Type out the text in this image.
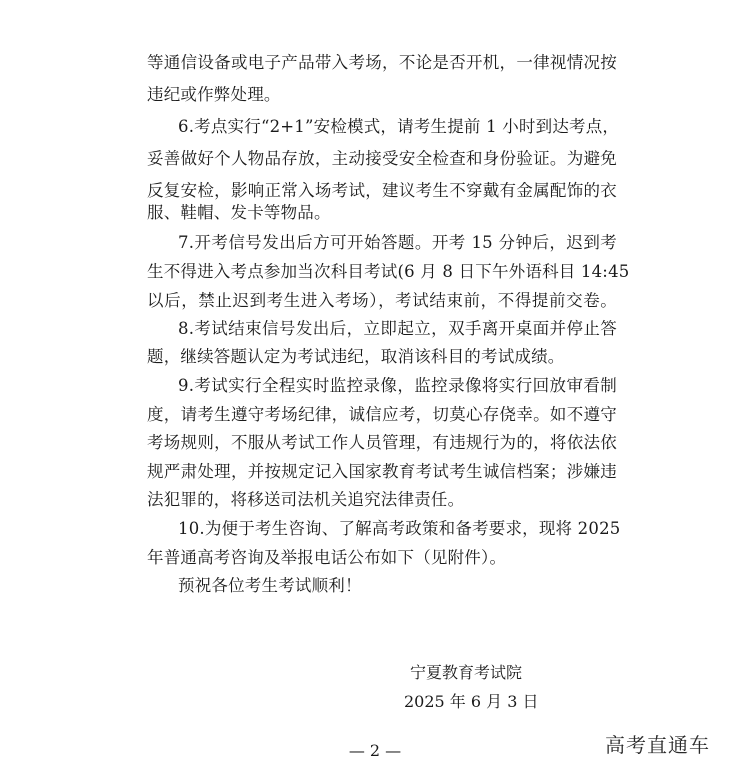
等通信设备或电子产品带入考场，不论是否开机，一律视情况按
违纪或作弊处理。
6.考点实行“2+1”安检模式，请考生提前 1 小时到达考点，
妥善做好个人物品存放，主动接受安全检查和身份验证。为避免
反复安检，影响正常入场考试，建议考生不穿戴有金属配饰的衣
服、鞋帽、发卡等物品。
7.开考信号发出后方可开始答题。开考 15 分钟后，迟到考
生不得进入考点参加当次科目考试(6 月 8 日下午外语科目 14:45
以后，禁止迟到考生进入考场），考试结束前，不得提前交卷。
8.考试结束信号发出后，立即起立，双手离开桌面并停止答
题，继续答题认定为考试违纪，取消该科目的考试成绩。
9.考试实行全程实时监控录像，监控录像将实行回放审看制
度，请考生遵守考场纪律，诚信应考，切莫心存侥幸。如不遵守
考场规则，不服从考试工作人员管理，有违规行为的，将依法依
规严肃处理，并按规定记入国家教育考试考生诚信档案；涉嫌违
法犯罪的，将移送司法机关追究法律责任。
10.为便于考生咨询、了解高考政策和备考要求，现将 2025
年普通高考咨询及举报电话公布如下（见附件）。
预祝各位考生考试顺利！
宁夏教育考试院
2025 年 6 月 3 日
— 2 —	高考直通车
